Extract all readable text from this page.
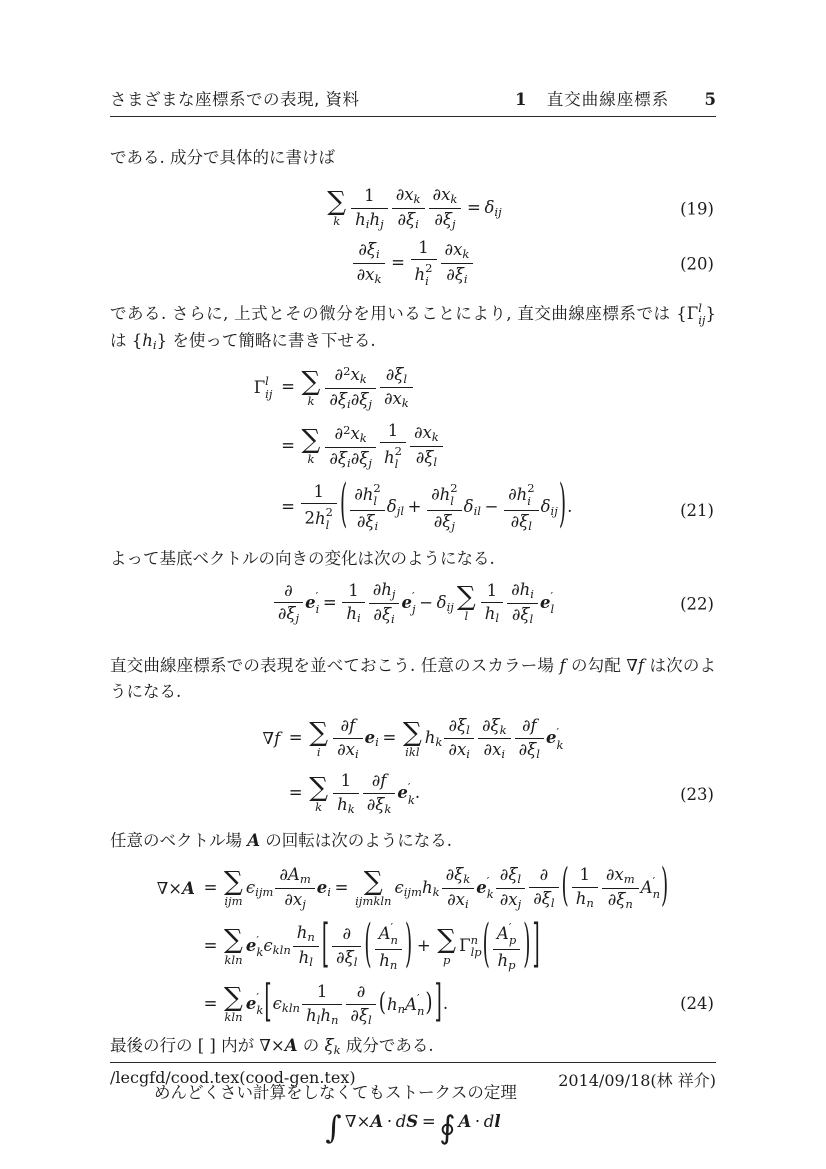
さまざまな座標系での表現, 資料	1 直交曲線座標系 5

である. 成分で具体的に書けば

∑
k $\frac{1}{\text{hihj}} \frac{\partial xk}{\partial\xi i} \frac{\partial xk}{\partial\xi j} = \delta ij$	(19)
$\frac{\partial\xi i}{\partial xk} = 1$
h 2
i $\frac{\partial xk}{\partial\xi i}$	(20)

である. さらに, 上式とその微分を用いることにより, 直交曲線座標系では {Γ l
ij } は {hi} を使って簡略に書き下せる.

Γ l
ij = ∑
k $\frac{\partial^2xk}{\partial\xi i\partial\xi j} \frac{\partial\xi l}{\partial xk}$
= ∑
k $\frac{\partial^2xk}{\partial\xi i\partial\xi j} 1$
h 2
l $\frac{\partial xk}{\partial\xi l}$
= 1
2h 2
l ( ∂h 2
l
∂ξi δjl + ∂h 2
l
∂ξj δil − ∂h 2
i
∂ξl δij ) .	(21)

よって基底ベクトルの向きの変化は次のようになる.

$\frac{\partial}{\partial\xi j}$ e ′
$i = \frac{1}{hi} \frac{\partial hj}{\partial\xi i}$ e ′
j − δij ∑
l $\frac{1}{hl} \frac{\partial hi}{\partial\xi l}$ e ′
l	(22)

直交曲線座標系での表現を並べておこう. 任意のスカラー場 f の勾配 ∇f は次のようになる.

∇f = ∑
i $\frac{\partial f}{\partial xi}$ ei = ∑
ikl
hk $\frac{\partial\xi l}{\partial xi} \frac{\partial\xi k}{\partial xi} \frac{\partial f}{\partial\xi l}$ e ′
k
= ∑
k $\frac{1}{hk} \frac{\partial f}{\partial\xi k}$ e ′
k .	(23)

任意のベクトル場 A の回転は次のようになる.

∇×A = ∑
ijm
ϵijm $\frac{\partial Am}{\partial xj}$ ei = ∑
ijmkln
ϵijmhk $\frac{\partial\xi k}{\partial xi}$ e ′
k $\frac{\partial\xi l}{\partial xj} \frac{\partial}{\partial\xi l}$ ( $\frac{1}{hn} \frac{\partial xm}{\partial\xi n}$ A ′
n )
= ∑
kln
e ′
k ϵkln $\frac{hn}{hl}$ [ $\frac{\partial}{\partial\xi l}$ ( A ′
n
hn ) + ∑
p
Γ n
lp ( A ′
p
hp ) ]
= ∑
kln
e ′
k [ ϵkln $\frac{1}{\text{hlhn}} \frac{\partial}{\partial\xi l}$ ( hnA ′
n ) ] .	(24)

最後の行の [ ] 内が ∇×A の ξk 成分である.

めんどくさい計算をしなくてもストークスの定理

∫ ∇×A · dS = ∮ A · dl
/lecgfd/cood.tex(cood-gen.tex)	2014/09/18(林 祥介)
